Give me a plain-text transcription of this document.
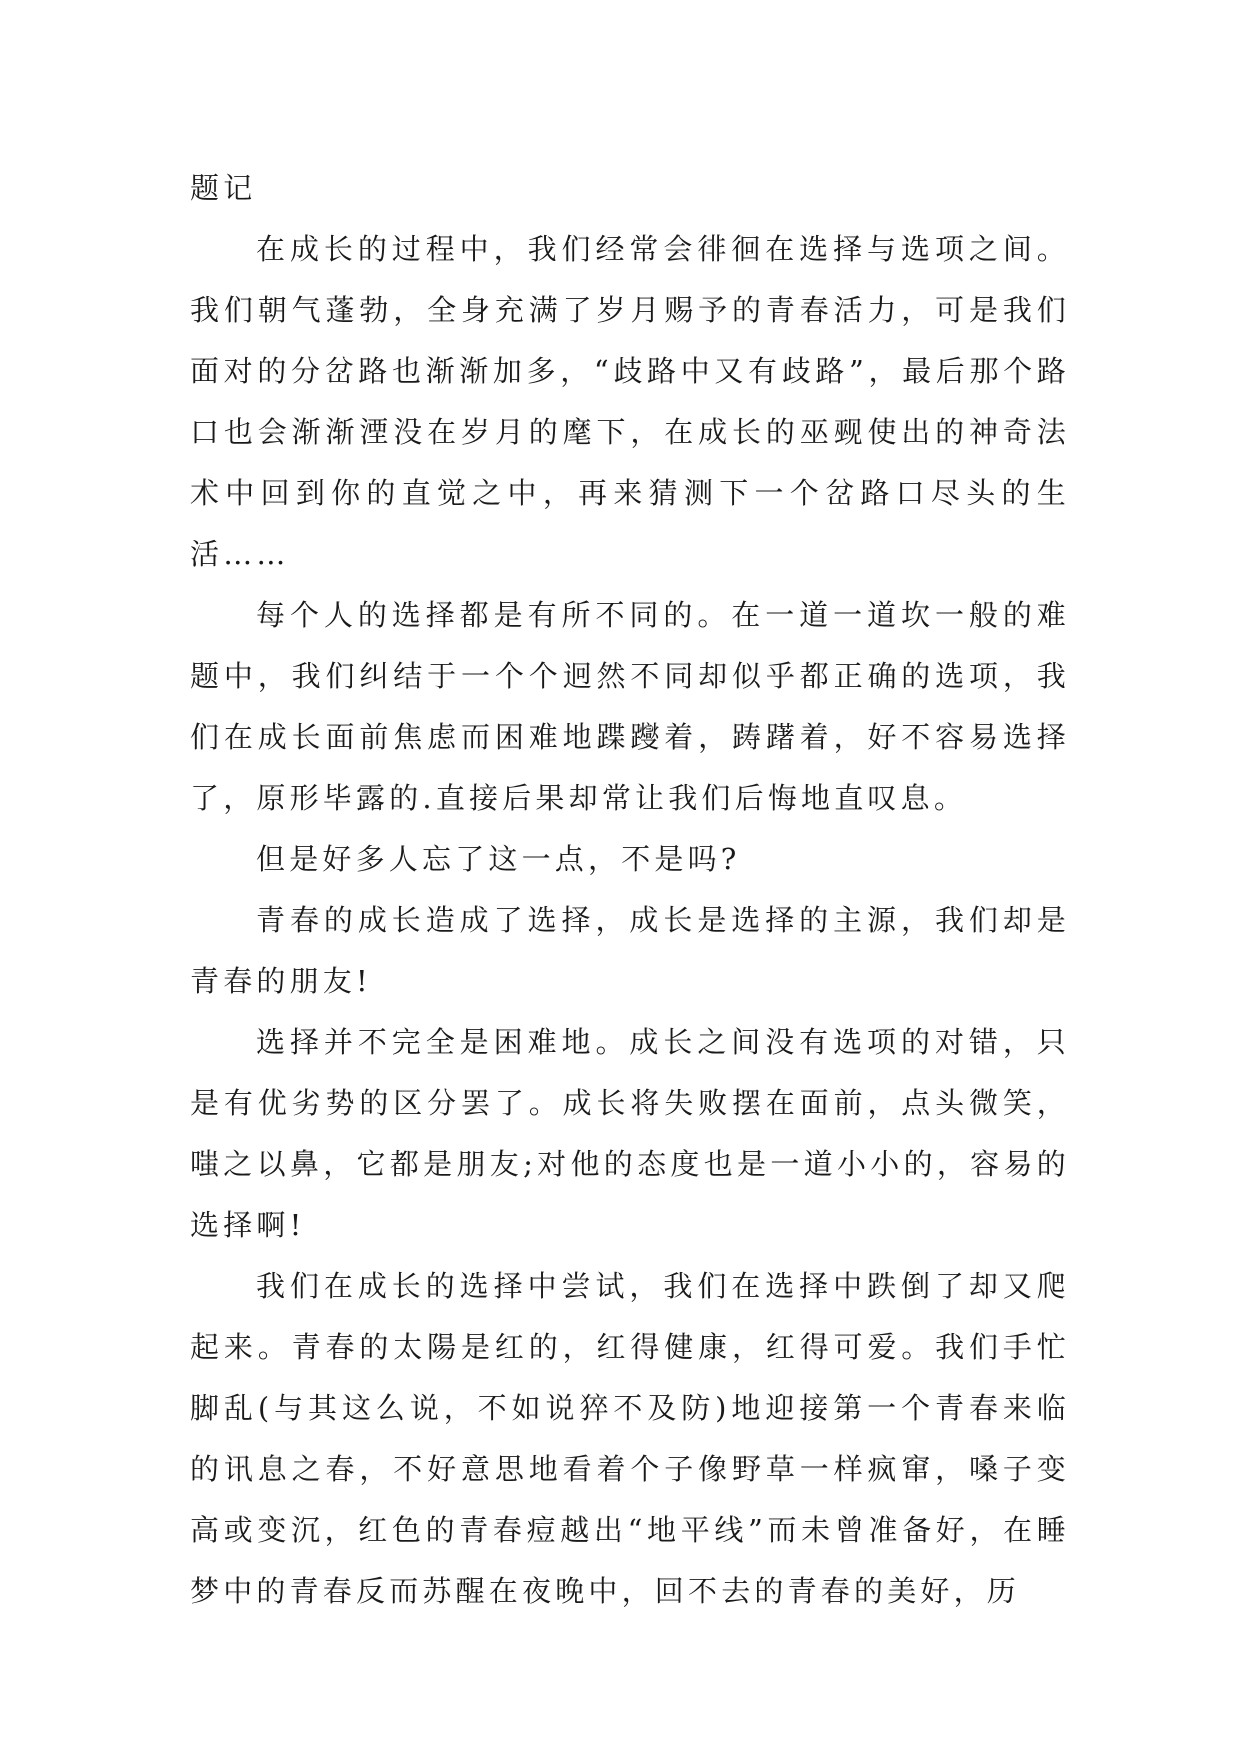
题记

在成长的过程中，我们经常会徘徊在选择与选项之间。我们朝气蓬勃，全身充满了岁月赐予的青春活力，可是我们面对的分岔路也渐渐加多，“歧路中又有歧路”，最后那个路口也会渐渐湮没在岁月的麾下，在成长的巫觋使出的神奇法术中回到你的直觉之中，再来猜测下一个岔路口尽头的生活……

每个人的选择都是有所不同的。在一道一道坎一般的难题中，我们纠结于一个个迥然不同却似乎都正确的选项，我们在成长面前焦虑而困难地蹀躞着，踌躇着，好不容易选择了，原形毕露的.直接后果却常让我们后悔地直叹息。

但是好多人忘了这一点，不是吗?

青春的成长造成了选择，成长是选择的主源，我们却是青春的朋友!

选择并不完全是困难地。成长之间没有选项的对错，只是有优劣势的区分罢了。成长将失败摆在面前，点头微笑，嗤之以鼻，它都是朋友;对他的态度也是一道小小的，容易的选择啊!

我们在成长的选择中尝试，我们在选择中跌倒了却又爬起来。青春的太陽是红的，红得健康，红得可爱。我们手忙脚乱(与其这么说，不如说猝不及防)地迎接第一个青春来临的讯息之春，不好意思地看着个子像野草一样疯窜，嗓子变高或变沉，红色的青春痘越出“地平线”而未曾准备好，在睡梦中的青春反而苏醒在夜晚中，回不去的青春的美好，历
